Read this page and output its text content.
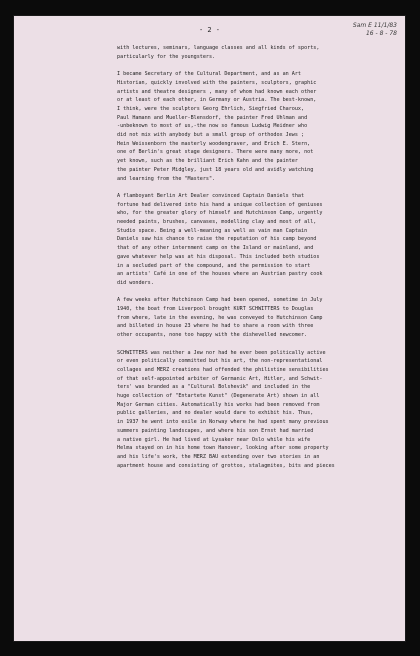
- 2 -
Sam E 11/1/83
16 - 8 - 78
with lectures, seminars, language classes and all kinds of sports,
particularly for the youngsters.
I became Secretary of the Cultural Department, and as an Art
Historian, quickly involved with the painters, sculptors, graphic
artists and theatre designers , many of whom had known each other
or at least of each other, in Germany or Austria. The best-known,
I think, were the sculptors Georg Ehrlich, Siegfried Charoux,
Paul Hamann and Mueller-Blensdorf, the painter Fred Uhlman and
-unbeknown to most of us,-the now so famous Ludwig Meidner who
did not mix with anybody but a small group of orthodox Jews ;
Hein Weissenborn the masterly woodengraver, and Erich E. Stern,
one of Berlin's great stage designers. There were many more, not
yet known, such as the brilliant Erich Kahn and the painter
the painter Peter Midgley, just 18 years old and avidly watching
and learning from the "Masters".
A flamboyant Berlin Art Dealer convinced Captain Daniels that
fortune had delivered into his hand a unique collection of geniuses
who, for the greater glory of himself and Hutchinson Camp, urgently
needed paints, brushes, canvases, modelling clay and most of all,
Studio space. Being a well-meaning as well as vain man Captain
Daniels saw his chance to raise the reputation of his camp beyond
that of any other internment camp on the Island or mainland, and
gave whatever help was at his disposal. This included both studios
in a secluded part of the compound, and the permission to start
an artists' Café in one of the houses where an Austrian pastry cook
did wonders.
A few weeks after Hutchinson Camp had been opened, sometime in July
1940, the boat from Liverpool brought KURT SCHWITTERS to Douglas
from where, late in the evening, he was conveyed to Hutchinson Camp
and billeted in house 23 where he had to share a room with three
other occupants, none too happy with the dishevelled newcomer.
SCHWITTERS was neither a Jew nor had he ever been politically active
or even politically committed but his art, the non-representational
collages and MERZ creations had offended the philistine sensibilities
of that self-appointed arbiter of Germanic Art, Hitler, and Schwit-
ters' was branded as a "Cultural Bolshevik" and included in the
huge collection of "Entartete Kunst" (Degenerate Art) shown in all
Major German cities. Automatically his works had been removed from
public galleries, and no dealer would dare to exhibit his. Thus,
in 1937 he went into exile in Norway where he had spent many previous
summers painting landscapes, and where his son Ernst had married
a native girl. He had lived at Lysaker near Oslo while his wife
Helma stayed on in his home town Hanover, looking after some property
and his life's work, the MERZ BAU extending over two stories in an
apartment house and consisting of grottos, stalagmites, bits and pieces
